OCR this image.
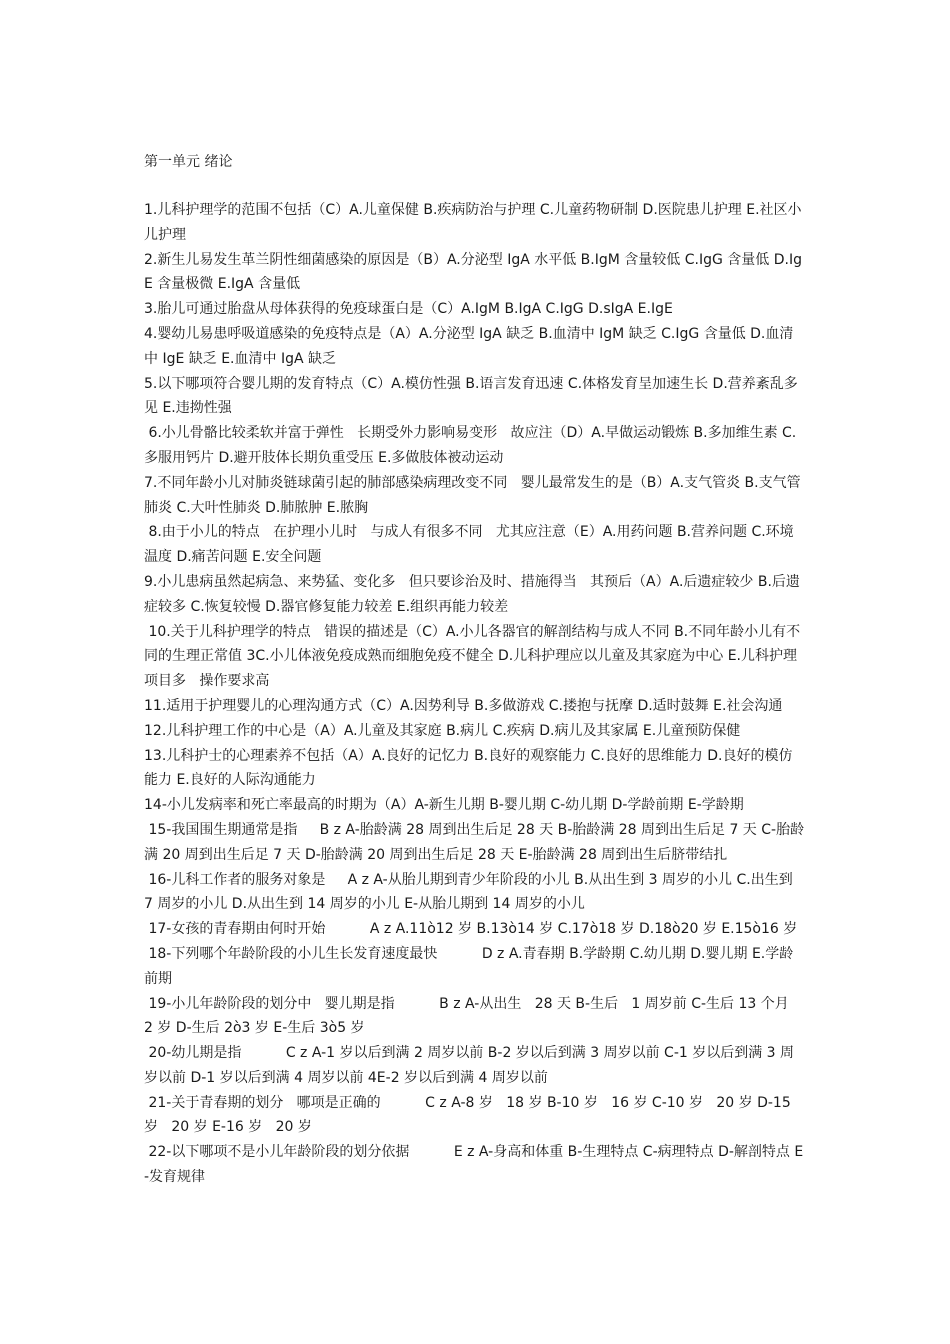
第一单元 绪论
1.儿科护理学的范围不包括（C）A.儿童保健 B.疾病防治与护理 C.儿童药物研制 D.医院患儿护理 E.社区小儿护理
2.新生儿易发生革兰阴性细菌感染的原因是（B）A.分泌型 IgA 水平低 B.IgM 含量较低 C.IgG 含量低 D.IgE 含量极微 E.IgA 含量低
3.胎儿可通过胎盘从母体获得的免疫球蛋白是（C）A.IgM B.IgA C.IgG D.sIgA E.IgE
4.婴幼儿易患呼吸道感染的免疫特点是（A）A.分泌型 IgA 缺乏 B.血清中 IgM 缺乏 C.IgG 含量低 D.血清中 IgE 缺乏 E.血清中 IgA 缺乏
5.以下哪项符合婴儿期的发育特点（C）A.模仿性强 B.语言发育迅速 C.体格发育呈加速生长 D.营养紊乱多见 E.违拗性强
6.小儿骨骼比较柔软并富于弹性   长期受外力影响易变形   故应注（D）A.早做运动锻炼 B.多加维生素 C.多服用钙片 D.避开肢体长期负重受压 E.多做肢体被动运动
7.不同年龄小儿对肺炎链球菌引起的肺部感染病理改变不同   婴儿最常发生的是（B）A.支气管炎 B.支气管肺炎 C.大叶性肺炎 D.肺脓肿 E.脓胸
8.由于小儿的特点   在护理小儿时   与成人有很多不同   尤其应注意（E）A.用药问题 B.营养问题 C.环境温度 D.痛苦问题 E.安全问题
9.小儿患病虽然起病急、来势猛、变化多   但只要诊治及时、措施得当   其预后（A）A.后遗症较少 B.后遗症较多 C.恢复较慢 D.器官修复能力较差 E.组织再能力较差
10.关于儿科护理学的特点   错误的描述是（C）A.小儿各器官的解剖结构与成人不同 B.不同年龄小儿有不同的生理正常值 3C.小儿体液免疫成熟而细胞免疫不健全 D.儿科护理应以儿童及其家庭为中心 E.儿科护理项目多   操作要求高
11.适用于护理婴儿的心理沟通方式（C）A.因势利导 B.多做游戏 C.搂抱与抚摩 D.适时鼓舞 E.社会沟通
12.儿科护理工作的中心是（A）A.儿童及其家庭 B.病儿 C.疾病 D.病儿及其家属 E.儿童预防保健
13.儿科护士的心理素养不包括（A）A.良好的记忆力 B.良好的观察能力 C.良好的思维能力 D.良好的模仿能力 E.良好的人际沟通能力
14-小儿发病率和死亡率最高的时期为（A）A-新生儿期 B-婴儿期 C-幼儿期 D-学龄前期 E-学龄期
15-我国围生期通常是指     B z A-胎龄满 28 周到出生后足 28 天 B-胎龄满 28 周到出生后足 7 天 C-胎龄满 20 周到出生后足 7 天 D-胎龄满 20 周到出生后足 28 天 E-胎龄满 28 周到出生后脐带结扎
16-儿科工作者的服务对象是     A z A-从胎儿期到青少年阶段的小儿 B.从出生到 3 周岁的小儿 C.出生到 7 周岁的小儿 D.从出生到 14 周岁的小儿 E-从胎儿期到 14 周岁的小儿
17-女孩的青春期由何时开始          A z A.11ò12 岁 B.13ò14 岁 C.17ò18 岁 D.18ò20 岁 E.15ò16 岁
18-下列哪个年龄阶段的小儿生长发育速度最快          D z A.青春期 B.学龄期 C.幼儿期 D.婴儿期 E.学龄前期
19-小儿年龄阶段的划分中   婴儿期是指          B z A-从出生   28 天 B-生后   1 周岁前 C-生后 13 个月   2 岁 D-生后 2ò3 岁 E-生后 3ò5 岁
20-幼儿期是指          C z A-1 岁以后到满 2 周岁以前 B-2 岁以后到满 3 周岁以前 C-1 岁以后到满 3 周岁以前 D-1 岁以后到满 4 周岁以前 4E-2 岁以后到满 4 周岁以前
21-关于青春期的划分   哪项是正确的          C z A-8 岁   18 岁 B-10 岁   16 岁 C-10 岁   20 岁 D-15 岁   20 岁 E-16 岁   20 岁
22-以下哪项不是小儿年龄阶段的划分依据          E z A-身高和体重 B-生理特点 C-病理特点 D-解剖特点 E-发育规律
